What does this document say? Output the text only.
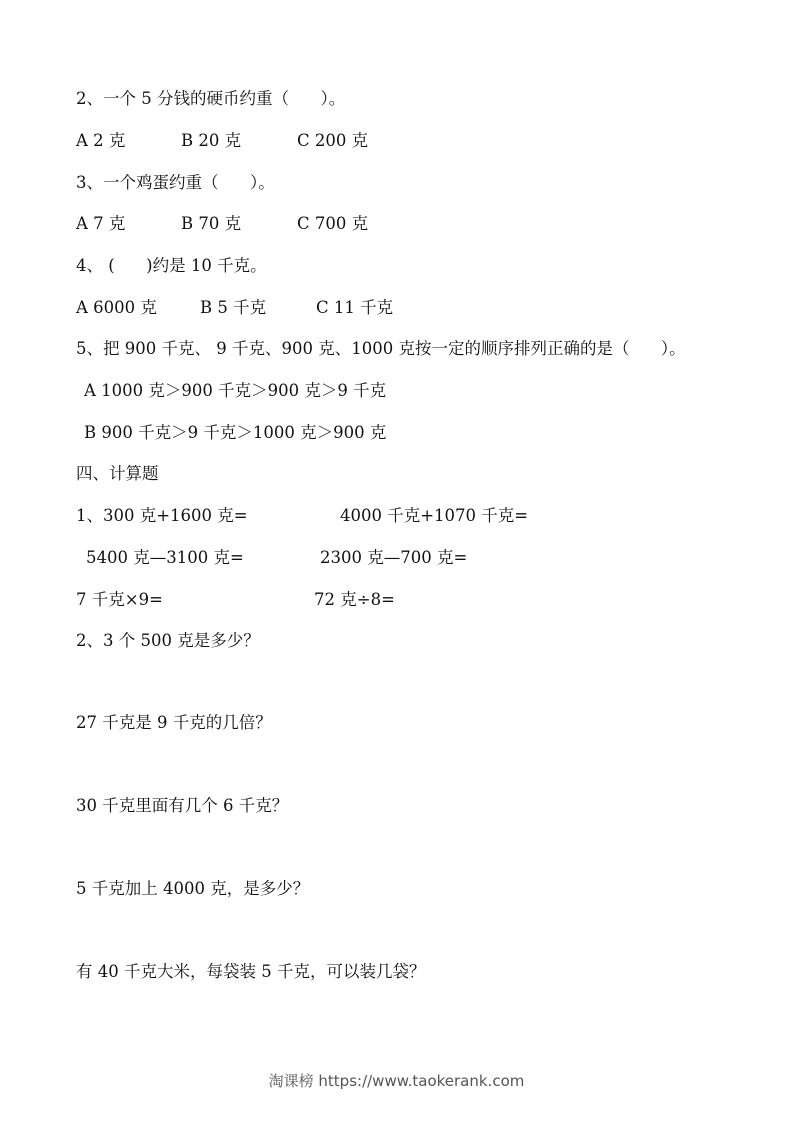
2、一个 5 分钱的硬币约重（      ）。
A 2 克	B 20 克	C 200 克
3、一个鸡蛋约重（      ）。
A 7 克	B 70 克	C 700 克
4、 (      )约是 10 千克。
A 6000 克	B 5 千克	C 11 千克
5、把 900 千克、 9 千克、900 克、1000 克按一定的顺序排列正确的是（      ）。
A 1000 克＞900 千克＞900 克＞9 千克
B 900 千克＞9 千克＞1000 克＞900 克
四、计算题
1、300 克+1600 克=	4000 千克+1070 千克=
5400 克—3100 克=	2300 克—700 克=
7 千克×9=	72 克÷8=
2、3 个 500 克是多少？
27 千克是 9 千克的几倍？
30 千克里面有几个 6 千克？
5 千克加上 4000 克，是多少？
有 40 千克大米，每袋装 5 千克，可以装几袋？
淘课榜 https://www.taokerank.com
